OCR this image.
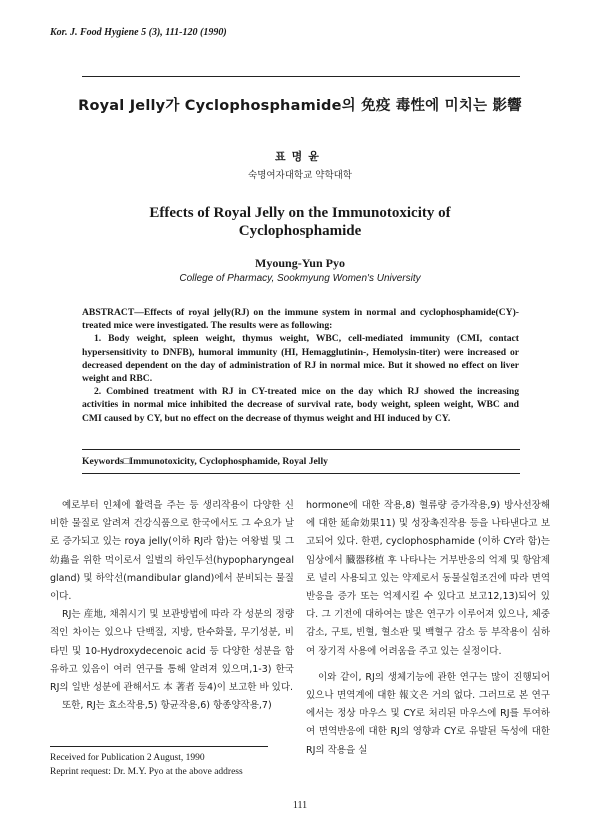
Kor. J. Food Hygiene 5 (3), 111-120 (1990)
Royal Jelly가 Cyclophosphamide의 免疫 毒性에 미치는 影響
표명윤
숙명여자대학교 약학대학
Effects of Royal Jelly on the Immunotoxicity of
Cyclophosphamide
Myoung-Yun Pyo
College of Pharmacy, Sookmyung Women's University

ABSTRACT—Effects of royal jelly(RJ) on the immune system in normal and cyclophosphamide(CY)-treated mice were investigated. The results were as following:

1. Body weight, spleen weight, thymus weight, WBC, cell-mediated immunity (CMI, contact hypersensitivity to DNFB), humoral immunity (HI, Hemagglutinin-, Hemolysin-titer) were increased or decreased dependent on the day of administration of RJ in normal mice. But it showed no effect on liver weight and RBC.

2. Combined treatment with RJ in CY-treated mice on the day which RJ showed the increasing activities in normal mice inhibited the decrease of survival rate, body weight, spleen weight, WBC and CMI caused by CY, but no effect on the decrease of thymus weight and HI induced by CY.

Keywords□Immunotoxicity, Cyclophosphamide, Royal Jelly

예로부터 인체에 활력을 주는 등 생리작용이 다양한 신비한 물질로 알려져 건강식품으로 한국에서도 그 수요가 날로 증가되고 있는 roya jelly(이하 RJ라 함)는 여왕벌 및 그 幼蟲을 위한 먹이로서 일벌의 하인두선(hypopharyngeal gland) 및 하악선(mandibular gland)에서 분비되는 물질이다.

RJ는 産地, 채취시기 및 보관방법에 따라 각 성분의 정량적인 차이는 있으나 단백질, 지방, 탄수화물, 무기성분, 비타민 및 10-Hydroxydecenoic acid 등 다양한 성분을 함유하고 있음이 여러 연구를 통해 알려져 있으며,1-3) 한국 RJ의 일반 성분에 관해서도 本 著者 등4)이 보고한 바 있다.

또한, RJ는 효소작용,5) 항균작용,6) 항종양작용,7)

hormone에 대한 작용,8) 혈류량 증가작용,9) 방사선장해에 대한 延命効果11) 및 성장촉진작용 등을 나타낸다고 보고되어 있다. 한편, cyclophosphamide (이하 CY라 함)는 임상에서 臓器移植 후 나타나는 거부반응의 억제 및 항암제로 널리 사용되고 있는 약제로서 동물실험조건에 따라 면역반응을 증가 또는 억제시킬 수 있다고 보고12,13)되어 있다. 그 기전에 대하여는 많은 연구가 이루어져 있으나, 체중감소, 구토, 빈혈, 혈소판 및 백혈구 감소 등 부작용이 심하여 장기적 사용에 어려움을 주고 있는 실정이다.

이와 같이, RJ의 생체기능에 관한 연구는 많이 진행되어 있으나 면역계에 대한 報文은 거의 없다. 그러므로 본 연구에서는 정상 마우스 및 CY로 처리된 마우스에 RJ를 투여하여 면역반응에 대한 RJ의 영향과 CY로 유발된 독성에 대한 RJ의 작용을 실

Received for Publication 2 August, 1990
Reprint request: Dr. M.Y. Pyo at the above address
111
